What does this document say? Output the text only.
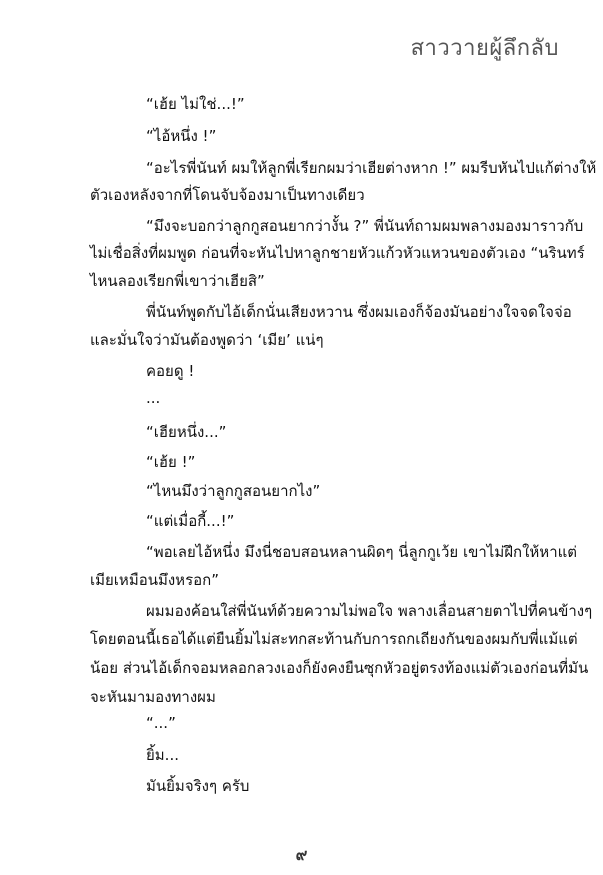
สาววายผู้ลึกลับ
“เฮ้ย ไม่ใช่...!”
“ไอ้หนึ่ง !”
“อะไรพี่นันท์ ผมให้ลูกพี่เรียกผมว่าเฮียต่างหาก !” ผมรีบหันไปแก้ต่างให้
ตัวเองหลังจากที่โดนจับจ้องมาเป็นทางเดียว
“มึงจะบอกว่าลูกกูสอนยากว่างั้น ?” พี่นันท์ถามผมพลางมองมาราวกับ
ไม่เชื่อสิ่งที่ผมพูด ก่อนที่จะหันไปหาลูกชายหัวแก้วหัวแหวนของตัวเอง “นรินทร์
ไหนลองเรียกพี่เขาว่าเฮียสิ”
พี่นันท์พูดกับไอ้เด็กนั่นเสียงหวาน ซึ่งผมเองก็จ้องมันอย่างใจจดใจจ่อ
และมั่นใจว่ามันต้องพูดว่า ‘เมีย’ แน่ๆ
คอยดู !
...
“เฮียหนึ่ง...”
“เฮ้ย !”
“ไหนมึงว่าลูกกูสอนยากไง”
“แต่เมื่อกี้...!”
“พอเลยไอ้หนึ่ง มึงนี่ชอบสอนหลานผิดๆ นี่ลูกกูเว้ย เขาไม่ฝึกให้หาแต่
เมียเหมือนมึงหรอก”
ผมมองค้อนใส่พี่นันท์ด้วยความไม่พอใจ พลางเลื่อนสายตาไปที่คนข้างๆ
โดยตอนนี้เธอได้แต่ยืนยิ้มไม่สะทกสะท้านกับการถกเถียงกันของผมกับพี่แม้แต่
น้อย ส่วนไอ้เด็กจอมหลอกลวงเองก็ยังคงยืนซุกหัวอยู่ตรงท้องแม่ตัวเองก่อนที่มัน
จะหันมามองทางผม
“...”
ยิ้ม...
มันยิ้มจริงๆ ครับ
๙
